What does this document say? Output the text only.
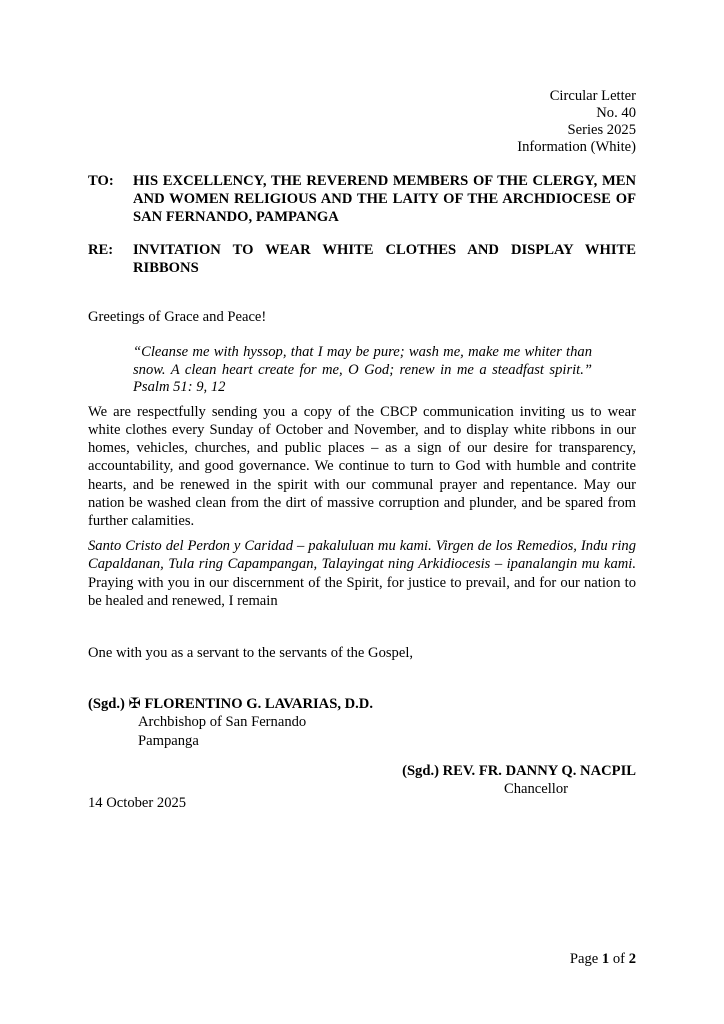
Circular Letter
No. 40
Series 2025
Information (White)
TO:	HIS EXCELLENCY, THE REVEREND MEMBERS OF THE CLERGY, MEN
AND WOMEN RELIGIOUS AND THE LAITY OF THE ARCHDIOCESE OF
SAN FERNANDO, PAMPANGA
RE:	INVITATION TO WEAR WHITE CLOTHES AND DISPLAY WHITE
RIBBONS
Greetings of Grace and Peace!
“Cleanse me with hyssop, that I may be pure; wash me, make me whiter than
snow. A clean heart create for me, O God; renew in me a steadfast spirit.”
Psalm 51: 9, 12
We are respectfully sending you a copy of the CBCP communication inviting us to wear white clothes every Sunday of October and November, and to display white ribbons in our homes, vehicles, churches, and public places – as a sign of our desire for transparency, accountability, and good governance. We continue to turn to God with humble and contrite hearts, and be renewed in the spirit with our communal prayer and repentance. May our nation be washed clean from the dirt of massive corruption and plunder, and be spared from further calamities.
Santo Cristo del Perdon y Caridad – pakaluluan mu kami. Virgen de los Remedios, Indu ring Capaldanan, Tula ring Capampangan, Talayingat ning Arkidiocesis – ipanalangin mu kami. Praying with you in our discernment of the Spirit, for justice to prevail, and for our nation to be healed and renewed, I remain
One with you as a servant to the servants of the Gospel,
(Sgd.) ✠ FLORENTINO G. LAVARIAS, D.D.
Archbishop of San Fernando
Pampanga
(Sgd.) REV. FR. DANNY Q. NACPIL
Chancellor
14 October 2025
Page 1 of 2
